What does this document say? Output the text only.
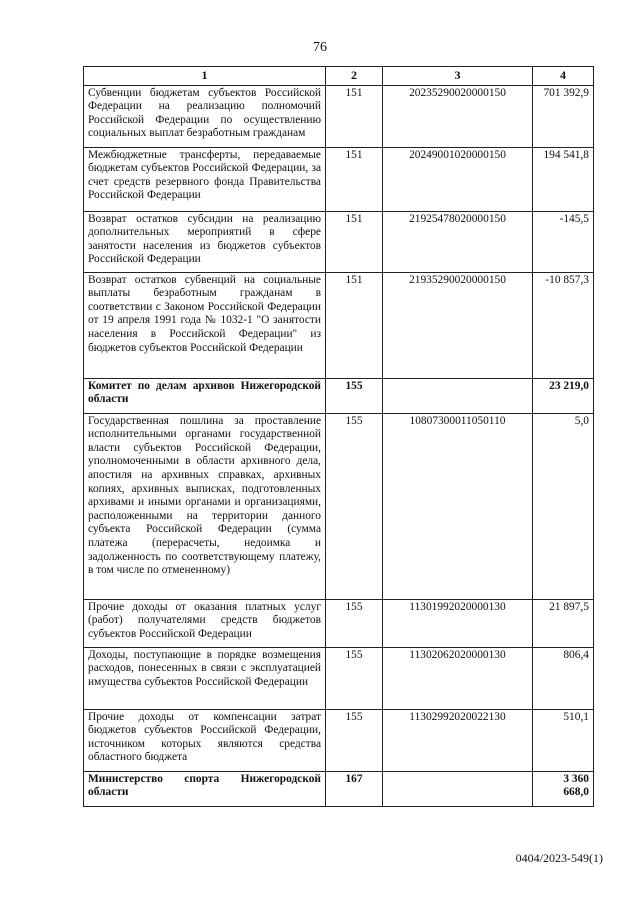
76
1	2	3	4
Субвенции бюджетам субъектов Российской Федерации на реализацию полномочий Российской Федерации по осуществлению социальных выплат безработным гражданам	151	20235290020000150	701 392,9
Межбюджетные трансферты, передаваемые бюджетам субъектов Российской Федерации, за счет средств резервного фонда Правительства Российской Федерации	151	20249001020000150	194 541,8
Возврат остатков субсидии на реализацию дополнительных мероприятий в сфере занятости населения из бюджетов субъектов Российской Федерации	151	21925478020000150	-145,5
Возврат остатков субвенций на социальные выплаты безработным гражданам в соответствии с Законом Российской Федерации от 19 апреля 1991 года № 1032-1 "О занятости населения в Российской Федерации" из бюджетов субъектов Российской Федерации	151	21935290020000150	-10 857,3
Комитет по делам архивов Нижегородской области	155		23 219,0
Государственная пошлина за проставление исполнительными органами государственной власти субъектов Российской Федерации, уполномоченными в области архивного дела, апостиля на архивных справках, архивных копиях, архивных выписках, подготовленных архивами и иными органами и организациями, расположенными на территории данного субъекта Российской Федерации (сумма платежа (перерасчеты, недоимка и задолженность по соответствующему платежу, в том числе по отмененному)	155	10807300011050110	5,0
Прочие доходы от оказания платных услуг (работ) получателями средств бюджетов субъектов Российской Федерации	155	11301992020000130	21 897,5
Доходы, поступающие в порядке возмещения расходов, понесенных в связи с эксплуатацией имущества субъектов Российской Федерации	155	11302062020000130	806,4
Прочие доходы от компенсации затрат бюджетов субъектов Российской Федерации, источником которых являются средства областного бюджета	155	11302992020022130	510,1
Министерство спорта Нижегородской области	167		3 360 668,0
0404/2023-549(1)
